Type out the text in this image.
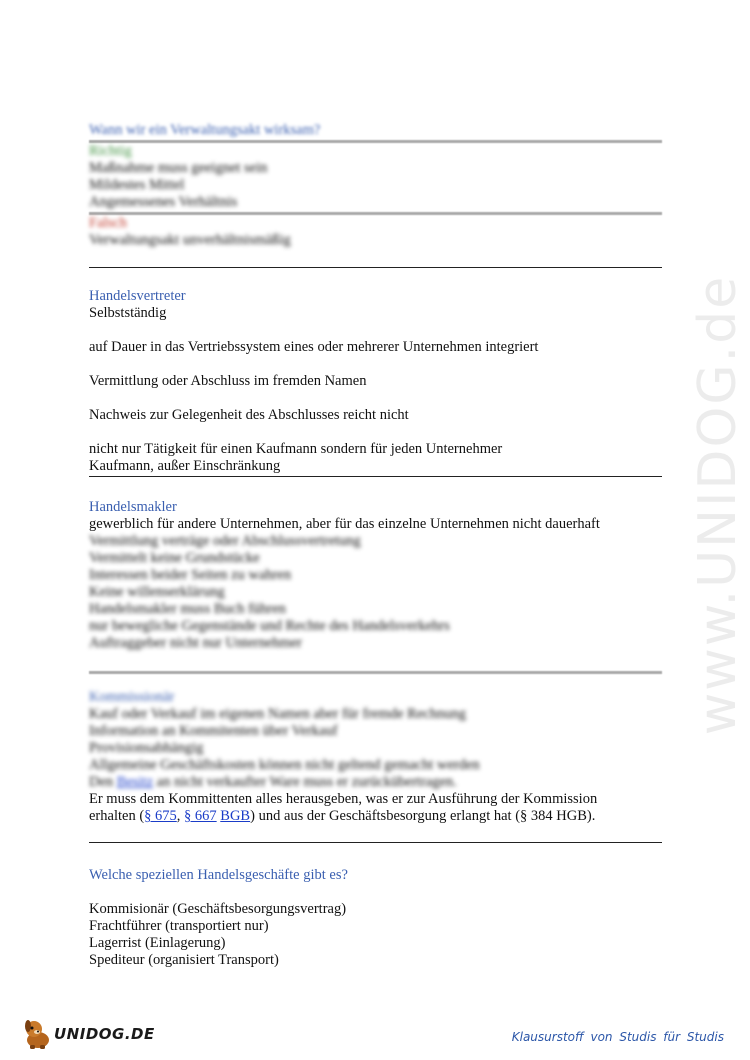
www.UNIDOG.de

Wann wir ein Verwaltungsakt wirksam?

Richtig

Maßnahme muss geeignet sein

Mildestes Mittel

Angemessenes Verhältnis

Falsch

Verwaltungsakt unverhältnismäßig

Handelsvertreter

Selbstständig

auf Dauer in das Vertriebssystem eines oder mehrerer Unternehmen integriert

Vermittlung oder Abschluss im fremden Namen

Nachweis zur Gelegenheit des Abschlusses reicht nicht

nicht nur Tätigkeit für einen Kaufmann sondern für jeden Unternehmer

Kaufmann, außer Einschränkung

Handelsmakler

gewerblich für andere Unternehmen, aber für das einzelne Unternehmen nicht dauerhaft

Vermittlung verträge oder Abschlussvertretung

Vermittelt keine Grundstücke

Interessen beider Seiten zu wahren

Keine willenserklärung

Handelsmakler muss Buch führen

nur bewegliche Gegenstände und Rechte des Handelsverkehrs

Auftraggeber nicht nur Unternehmer

Kommissionär

Kauf oder Verkauf im eigenen Namen aber für fremde Rechnung

Information an Kommitenten über Verkauf

Provisionsabhängig

Allgemeine Geschäftskosten können nicht geltend gemacht werden

Den Besitz an nicht verkaufter Ware muss er zurückübertragen.

Er muss dem Kommittenten alles herausgeben, was er zur Ausführung der Kommission

erhalten (§ 675, § 667 BGB) und aus der Geschäftsbesorgung erlangt hat (§ 384 HGB).

Welche speziellen Handelsgeschäfte gibt es?

Kommisionär (Geschäftsbesorgungsvertrag)

Frachtführer (transportiert nur)

Lagerrist (Einlagerung)

Spediteur (organisiert Transport)

UNIDOG.DE	Klausurstoff von Studis für Studis
